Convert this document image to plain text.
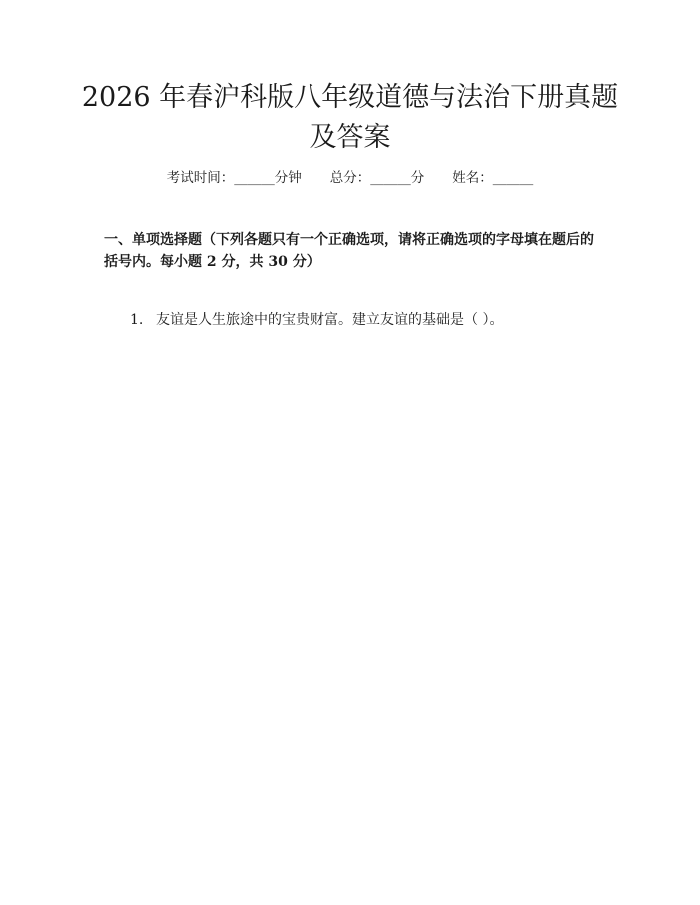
2026 年春沪科版八年级道德与法治下册真题
及答案
考试时间：______分钟 总分：______分 姓名：______

一、单项选择题（下列各题只有一个正确选项，请将正确选项的字母填在题后的括号内。每小题 2 分，共 30 分）

1. 友谊是人生旅途中的宝贵财富。建立友谊的基础是（ ）。
